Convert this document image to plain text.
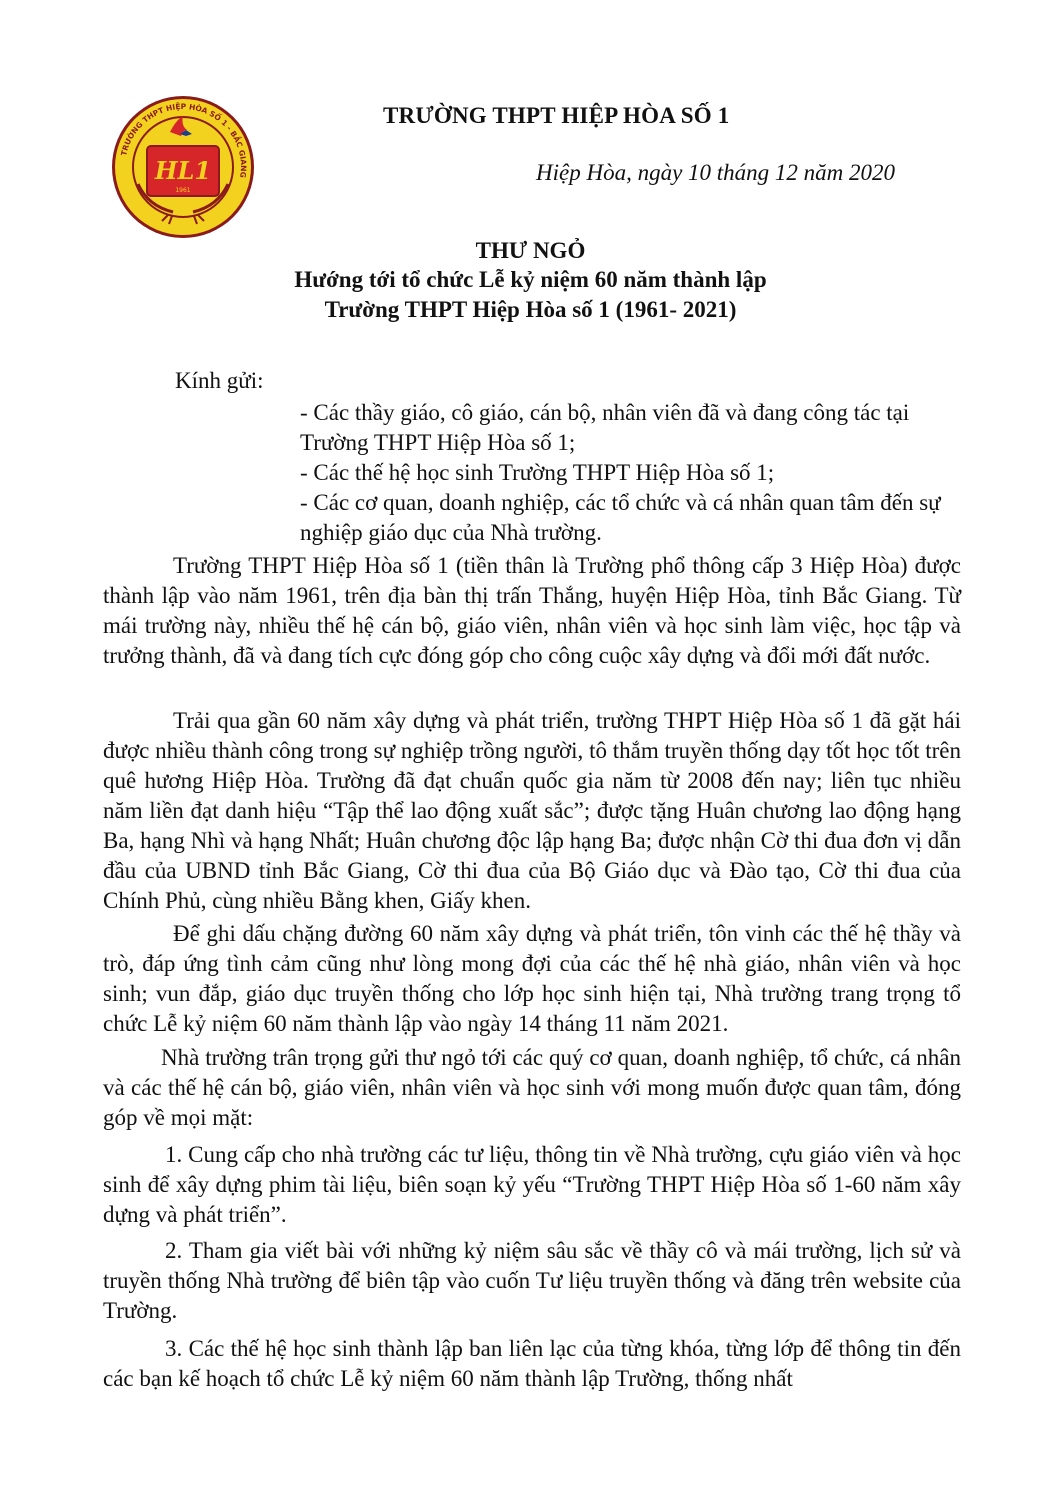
TRƯỜNG THPT HIỆP HÒA SỐ 1 - BẮC GIANG
HL1
1961
TRƯỜNG THPT HIỆP HÒA SỐ 1
Hiệp Hòa, ngày 10 tháng 12 năm 2020
THƯ NGỎ
Hướng tới tổ chức Lễ kỷ niệm 60 năm thành lập
Trường THPT Hiệp Hòa số 1 (1961- 2021)
Kính gửi:
- Các thầy giáo, cô giáo, cán bộ, nhân viên đã và đang công tác tại Trường THPT Hiệp Hòa số 1;
- Các thế hệ học sinh Trường THPT Hiệp Hòa số 1;
- Các cơ quan, doanh nghiệp, các tổ chức và cá nhân quan tâm đến sự nghiệp giáo dục của Nhà trường.

Trường THPT Hiệp Hòa số 1 (tiền thân là Trường phổ thông cấp 3 Hiệp Hòa) được thành lập vào năm 1961, trên địa bàn thị trấn Thắng, huyện Hiệp Hòa, tỉnh Bắc Giang. Từ mái trường này, nhiều thế hệ cán bộ, giáo viên, nhân viên và học sinh làm việc, học tập và trưởng thành, đã và đang tích cực đóng góp cho công cuộc xây dựng và đổi mới đất nước.

Trải qua gần 60 năm xây dựng và phát triển, trường THPT Hiệp Hòa số 1 đã gặt hái được nhiều thành công trong sự nghiệp trồng người, tô thắm truyền thống dạy tốt học tốt trên quê hương Hiệp Hòa. Trường đã đạt chuẩn quốc gia năm từ 2008 đến nay; liên tục nhiều năm liền đạt danh hiệu “Tập thể lao động xuất sắc”; được tặng Huân chương lao động hạng Ba, hạng Nhì và hạng Nhất; Huân chương độc lập hạng Ba; được nhận Cờ thi đua đơn vị dẫn đầu của UBND tỉnh Bắc Giang, Cờ thi đua của Bộ Giáo dục và Đào tạo, Cờ thi đua của Chính Phủ, cùng nhiều Bằng khen, Giấy khen.

Để ghi dấu chặng đường 60 năm xây dựng và phát triển, tôn vinh các thế hệ thầy và trò, đáp ứng tình cảm cũng như lòng mong đợi của các thế hệ nhà giáo, nhân viên và học sinh; vun đắp, giáo dục truyền thống cho lớp học sinh hiện tại, Nhà trường trang trọng tổ chức Lễ kỷ niệm 60 năm thành lập vào ngày 14 tháng 11 năm 2021.

Nhà trường trân trọng gửi thư ngỏ tới các quý cơ quan, doanh nghiệp, tổ chức, cá nhân và các thế hệ cán bộ, giáo viên, nhân viên và học sinh với mong muốn được quan tâm, đóng góp về mọi mặt:

1. Cung cấp cho nhà trường các tư liệu, thông tin về Nhà trường, cựu giáo viên và học sinh để xây dựng phim tài liệu, biên soạn kỷ yếu “Trường THPT Hiệp Hòa số 1-60 năm xây dựng và phát triển”.

2. Tham gia viết bài với những kỷ niệm sâu sắc về thầy cô và mái trường, lịch sử và truyền thống Nhà trường để biên tập vào cuốn Tư liệu truyền thống và đăng trên website của Trường.

3. Các thế hệ học sinh thành lập ban liên lạc của từng khóa, từng lớp để thông tin đến các bạn kế hoạch tổ chức Lễ kỷ niệm 60 năm thành lập Trường, thống nhất
